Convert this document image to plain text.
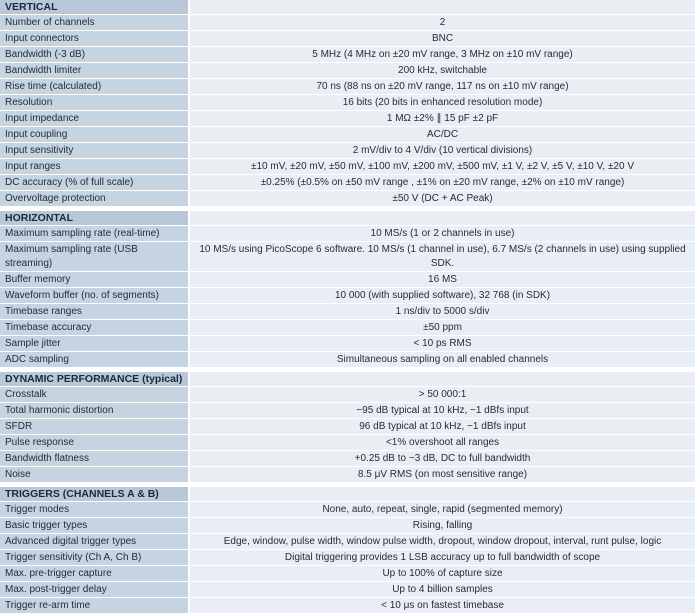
VERTICAL	
Number of channels	2
Input connectors	BNC
Bandwidth (-3 dB)	5 MHz (4 MHz on ±20 mV range, 3 MHz on ±10 mV range)
Bandwidth limiter	200 kHz, switchable
Rise time (calculated)	70 ns (88 ns on ±20 mV range, 117 ns on ±10 mV range)
Resolution	16 bits (20 bits in enhanced resolution mode)
Input impedance	1 MΩ ±2% ∥ 15 pF ±2 pF
Input coupling	AC/DC
Input sensitivity	2 mV/div to 4 V/div (10 vertical divisions)
Input ranges	±10 mV, ±20 mV, ±50 mV, ±100 mV, ±200 mV, ±500 mV, ±1 V, ±2 V, ±5 V, ±10 V, ±20 V
DC accuracy (% of full scale)	±0.25% (±0.5% on ±50 mV range , ±1% on ±20 mV range, ±2% on ±10 mV range)
Overvoltage protection	±50 V (DC + AC Peak)

HORIZONTAL	
Maximum sampling rate (real-time)	10 MS/s (1 or 2 channels in use)
Maximum sampling rate (USB streaming)	10 MS/s using PicoScope 6 software. 10 MS/s (1 channel in use), 6.7 MS/s (2 channels in use) using supplied SDK.
Buffer memory	16 MS
Waveform buffer (no. of segments)	10 000 (with supplied software), 32 768 (in SDK)
Timebase ranges	1 ns/div to 5000 s/div
Timebase accuracy	±50 ppm
Sample jitter	< 10 ps RMS
ADC sampling	Simultaneous sampling on all enabled channels

DYNAMIC PERFORMANCE (typical)	
Crosstalk	> 50 000:1
Total harmonic distortion	−95 dB typical at 10 kHz, −1 dBfs input
SFDR	96 dB typical at 10 kHz, −1 dBfs input
Pulse response	<1% overshoot all ranges
Bandwidth flatness	+0.25 dB to −3 dB, DC to full bandwidth
Noise	8.5 μV RMS (on most sensitive range)

TRIGGERS (CHANNELS A & B)	
Trigger modes	None, auto, repeat, single, rapid (segmented memory)
Basic trigger types	Rising, falling
Advanced digital trigger types	Edge, window, pulse width, window pulse width, dropout, window dropout, interval, runt pulse, logic
Trigger sensitivity (Ch A, Ch B)	Digital triggering provides 1 LSB accuracy up to full bandwidth of scope
Max. pre-trigger capture	Up to 100% of capture size
Max. post-trigger delay	Up to 4 billion samples
Trigger re-arm time	< 10 μs on fastest timebase
